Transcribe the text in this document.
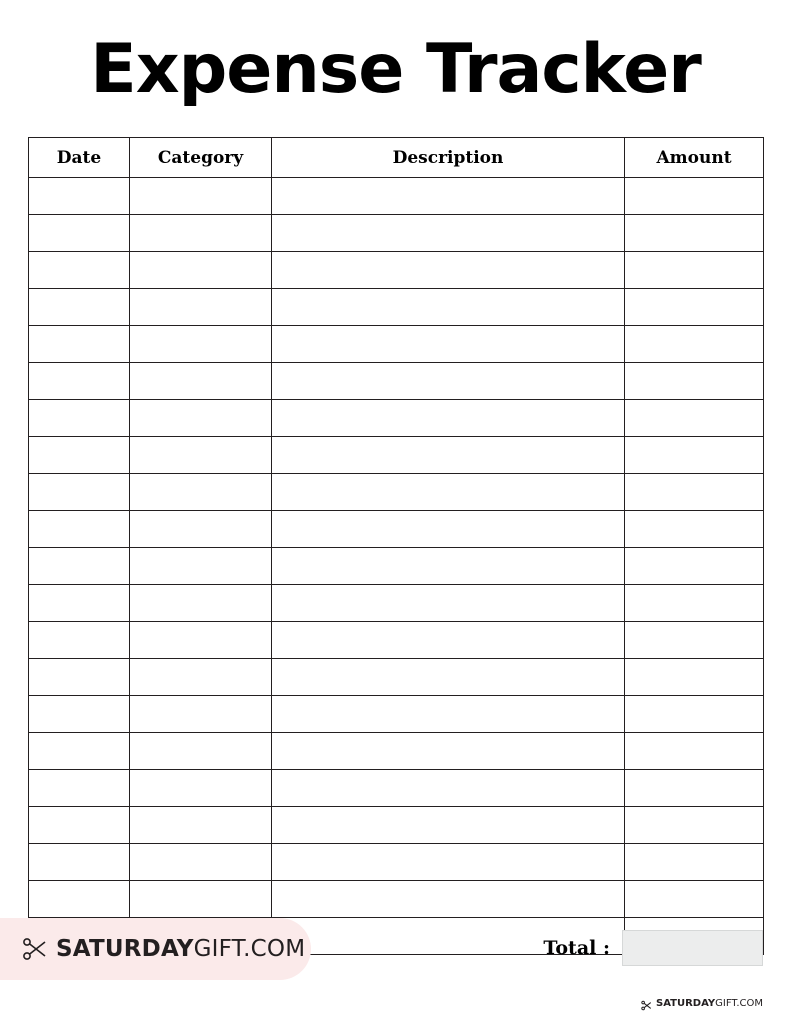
Expense Tracker
Date	Category	Description	Amount

SATURDAYGIFT.COM	Total :
SATURDAYGIFT.COM
